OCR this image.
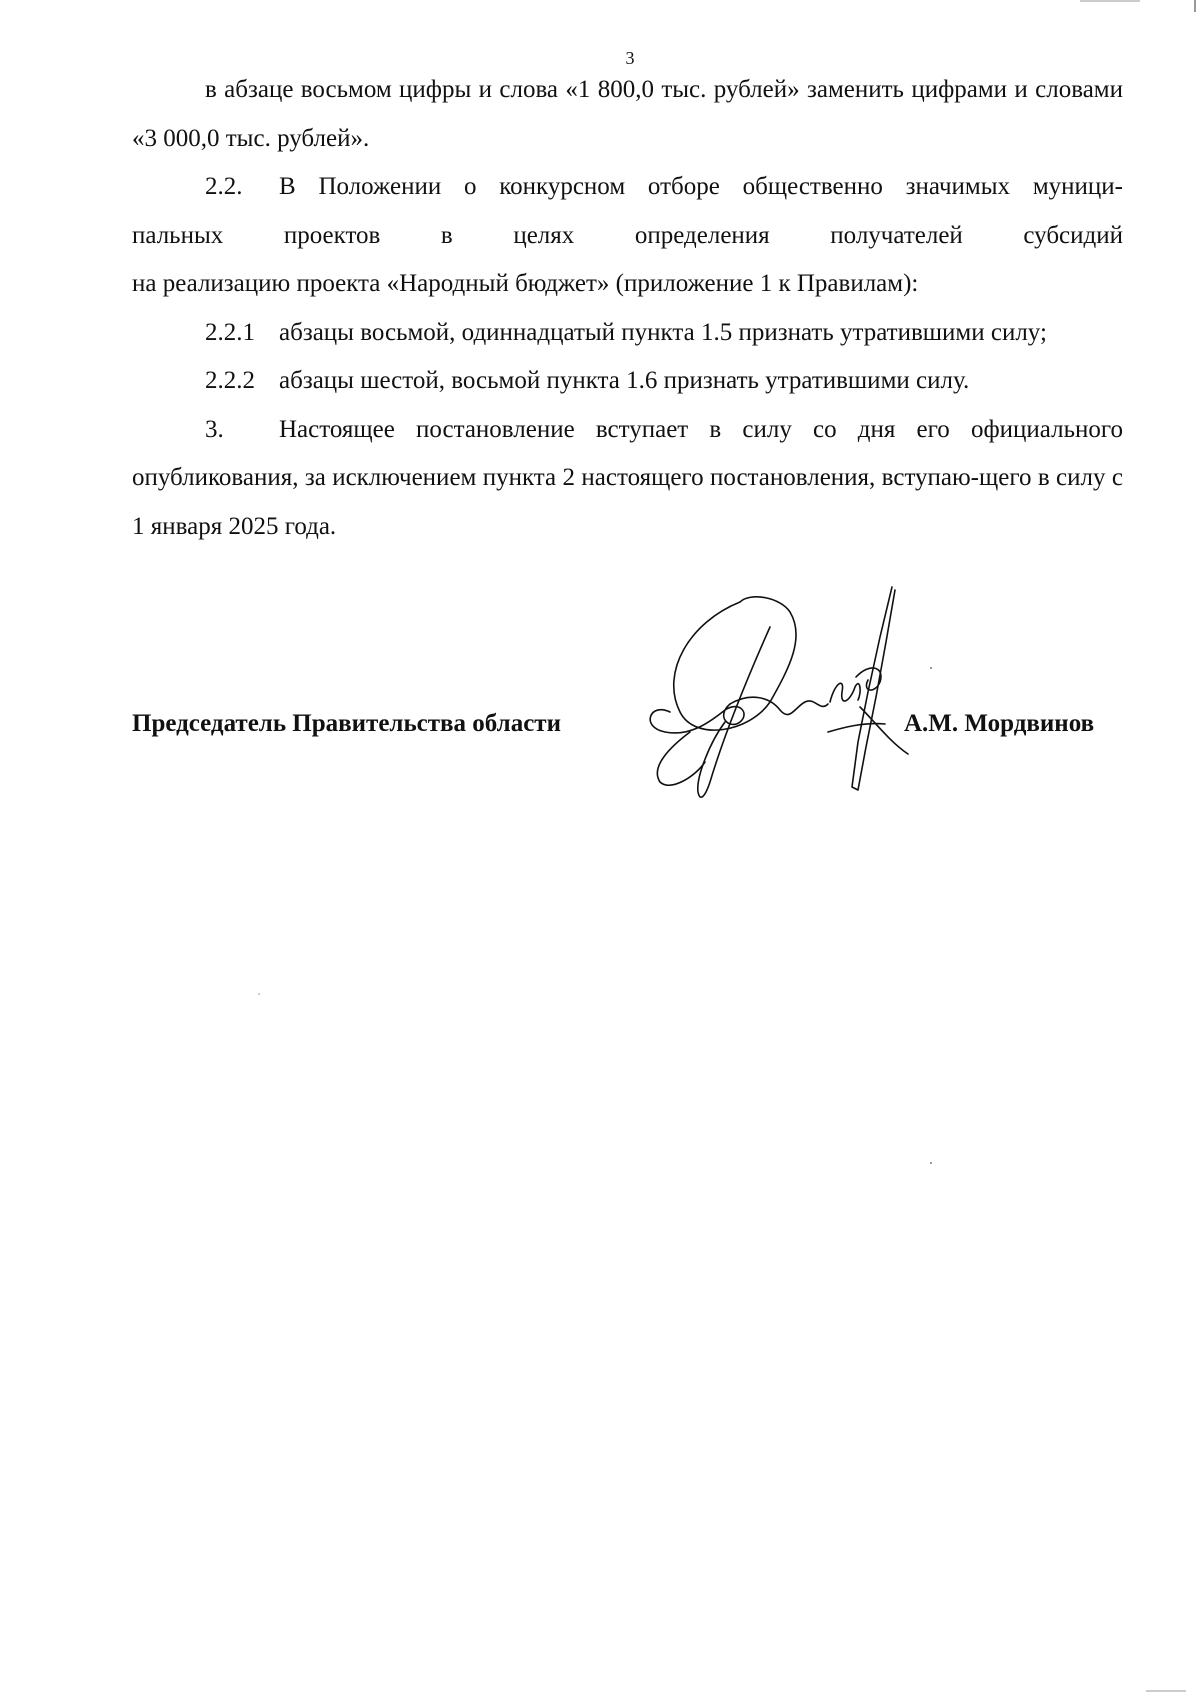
3

в абзаце восьмом цифры и слова «1 800,0 тыс. рублей» заменить цифрами и словами «3 000,0 тыс. рублей».

2.2. В Положении о конкурсном отборе общественно значимых муници-

пальных проектов в целях определения получателей субсидий

на реализацию проекта «Народный бюджет» (приложение 1 к Правилам):

2.2.1 абзацы восьмой, одиннадцатый пункта 1.5 признать утратившими силу;

2.2.2 абзацы шестой, восьмой пункта 1.6 признать утратившими силу.

3. Настоящее постановление вступает в силу со дня его официального опубликования, за исключением пункта 2 настоящего постановления, вступаю-щего в силу с 1 января 2025 года.

Председатель Правительства области	А.М. Мордвинов
